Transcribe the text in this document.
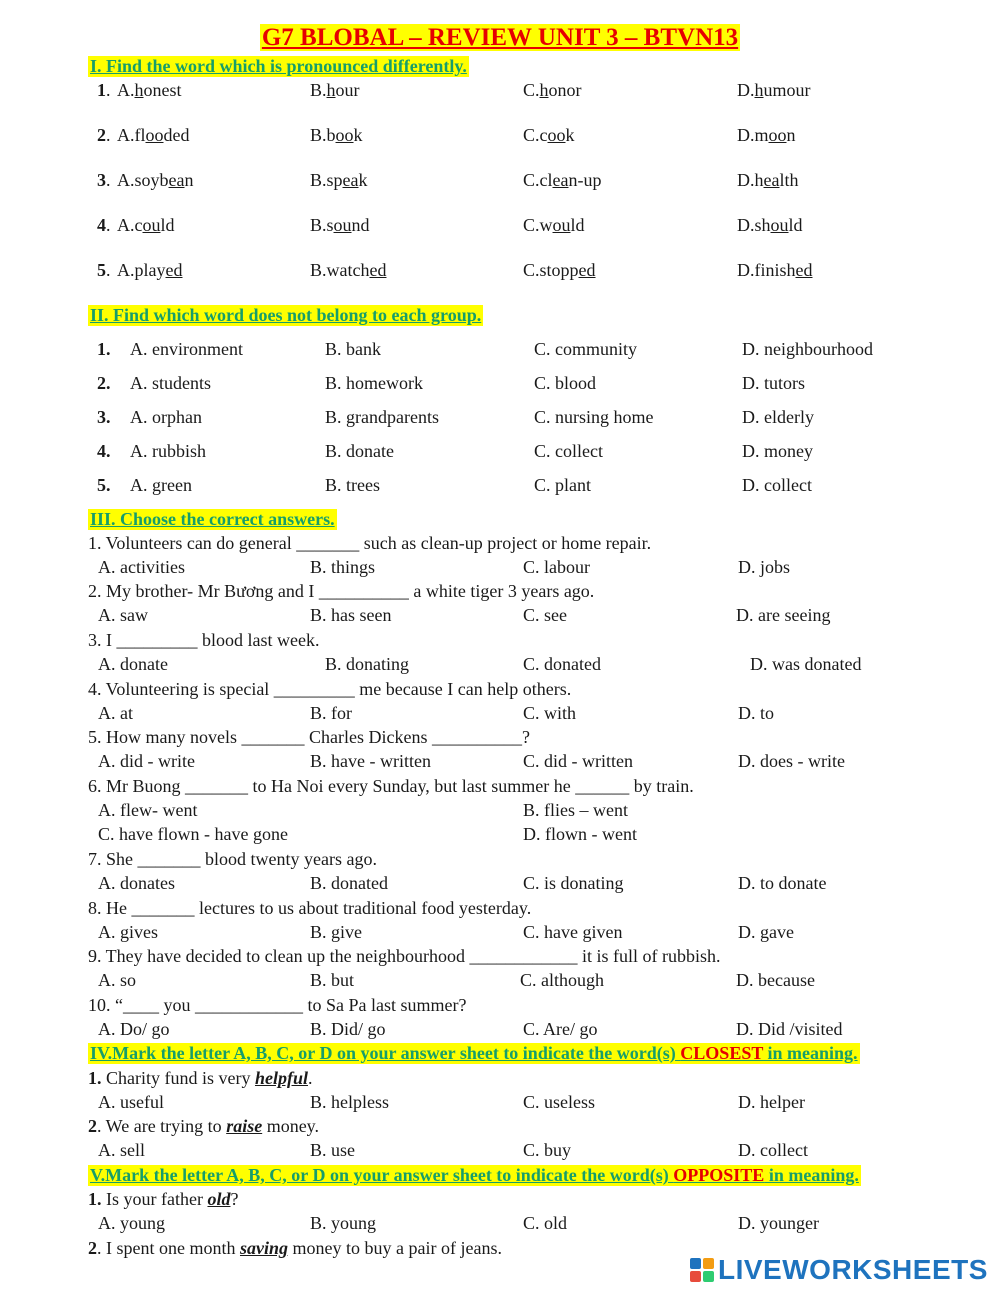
G7 BLOBAL – REVIEW UNIT 3 – BTVN13
I. Find the word which is pronounced differently.
1 . A.honest	B.hour	C.honor	D.humour
2 . A.flooded	B.book	C.cook	D.moon
3 . A.soybean	B.speak	C.clean-up	D.health
4 . A.could	B.sound	C.would	D.should
5 . A.played	B.watched	C.stopped	D.finished
II. Find which word does not belong to each group.
1. A. environment	B. bank	C. community	D. neighbourhood
2. A. students	B. homework	C. blood	D. tutors
3. A. orphan	B. grandparents	C. nursing home	D. elderly
4. A. rubbish	B. donate	C. collect	D. money
5. A. green	B. trees	C. plant	D. collect
III. Choose the correct answers.
1. Volunteers can do general _______ such as clean-up project or home repair.
A. activities	B. things	C. labour	D. jobs
2. My brother- Mr Bương and I __________ a white tiger 3 years ago.
A. saw	B. has seen	C. see	D. are seeing
3. I _________ blood last week.
A. donate	B. donating	C. donated	D. was donated
4. Volunteering is special _________ me because I can help others.
A. at	B. for	C. with	D. to
5. How many novels _______ Charles Dickens __________?
A. did - write	B. have - written	C. did - written	D. does - write
6. Mr Buong _______ to Ha Noi every Sunday, but last summer he ______ by train.
A. flew- went	B. flies – went
C. have flown - have gone	D. flown - went
7. She _______ blood twenty years ago.
A. donates	B. donated	C. is donating	D. to donate
8. He _______ lectures to us about traditional food yesterday.
A. gives	B. give	C. have given	D. gave
9. They have decided to clean up the neighbourhood ____________ it is full of rubbish.
A. so	B. but	C. although	D. because
10. “____ you ____________ to Sa Pa last summer?
A. Do/ go	B. Did/ go	C. Are/ go	D. Did /visited
IV.Mark the letter A, B, C, or D on your answer sheet to indicate the word(s) CLOSEST in meaning.
1. Charity fund is very helpful.
A. useful	B. helpless	C. useless	D. helper
2. We are trying to raise money.
A. sell	B. use	C. buy	D. collect
V.Mark the letter A, B, C, or D on your answer sheet to indicate the word(s) OPPOSITE in meaning.
1. Is your father old?
A. young	B. young	C. old	D. younger
2. I spent one month saving money to buy a pair of jeans.
LIVEWORKSHEETS
